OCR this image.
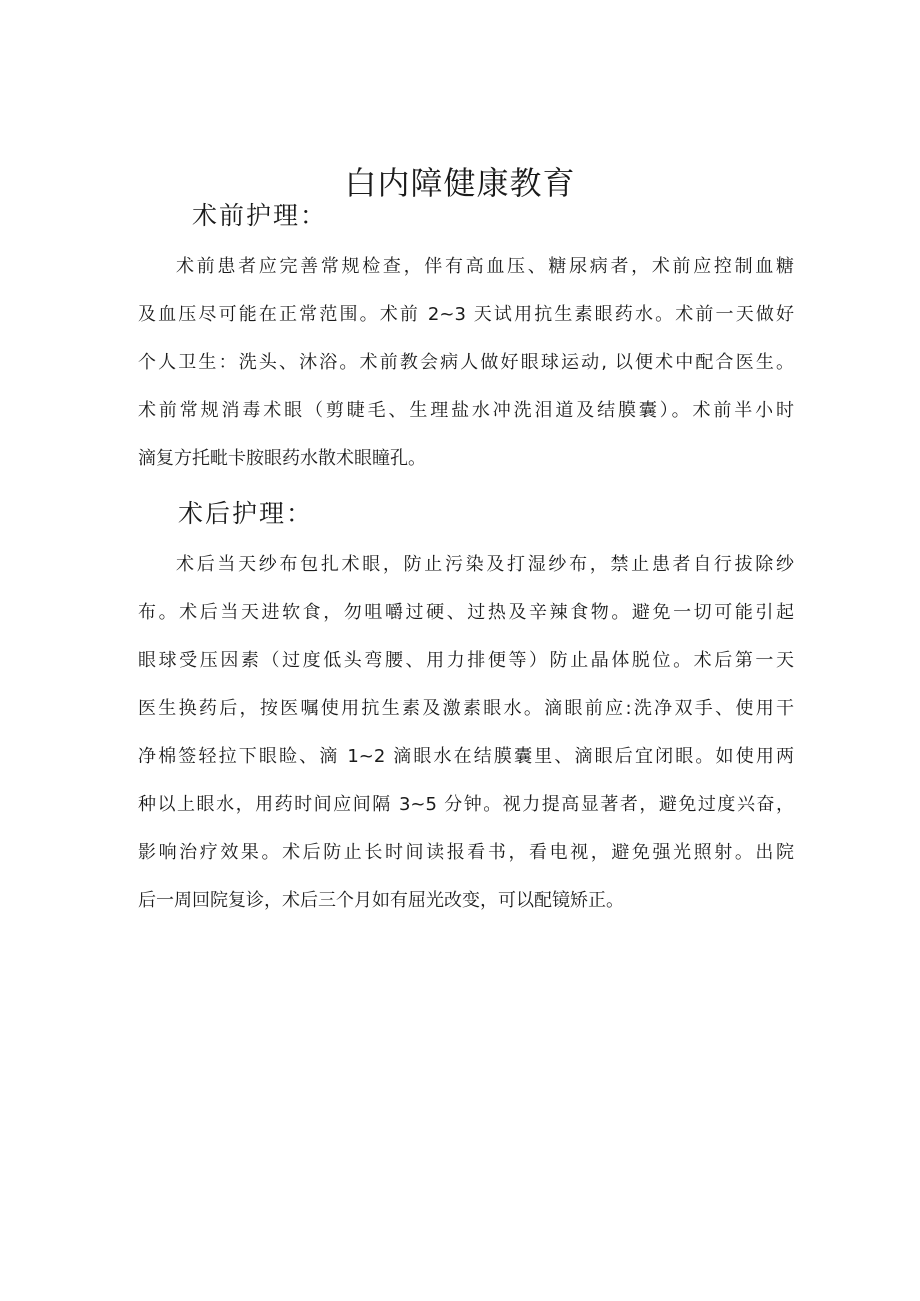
白内障健康教育
术前护理：
术前患者应完善常规检查，伴有高血压、糖尿病者，术前应控制血糖
及血压尽可能在正常范围。术前 2~3 天试用抗生素眼药水。术前一天做好
个人卫生：洗头、沐浴。术前教会病人做好眼球运动, 以便术中配合医生。
术前常规消毒术眼（剪睫毛、生理盐水冲洗泪道及结膜囊）。术前半小时
滴复方托毗卡胺眼药水散术眼瞳孔。
术后护理：
术后当天纱布包扎术眼，防止污染及打湿纱布，禁止患者自行拔除纱
布。术后当天进软食，勿咀嚼过硬、过热及辛辣食物。避免一切可能引起
眼球受压因素（过度低头弯腰、用力排便等）防止晶体脱位。术后第一天
医生换药后，按医嘱使用抗生素及激素眼水。滴眼前应:洗净双手、使用干
净棉签轻拉下眼睑、滴 1~2 滴眼水在结膜囊里、滴眼后宜闭眼。如使用两
种以上眼水，用药时间应间隔 3~5 分钟。视力提高显著者，避免过度兴奋，
影响治疗效果。术后防止长时间读报看书，看电视，避免强光照射。出院
后一周回院复诊，术后三个月如有屈光改变，可以配镜矫正。
